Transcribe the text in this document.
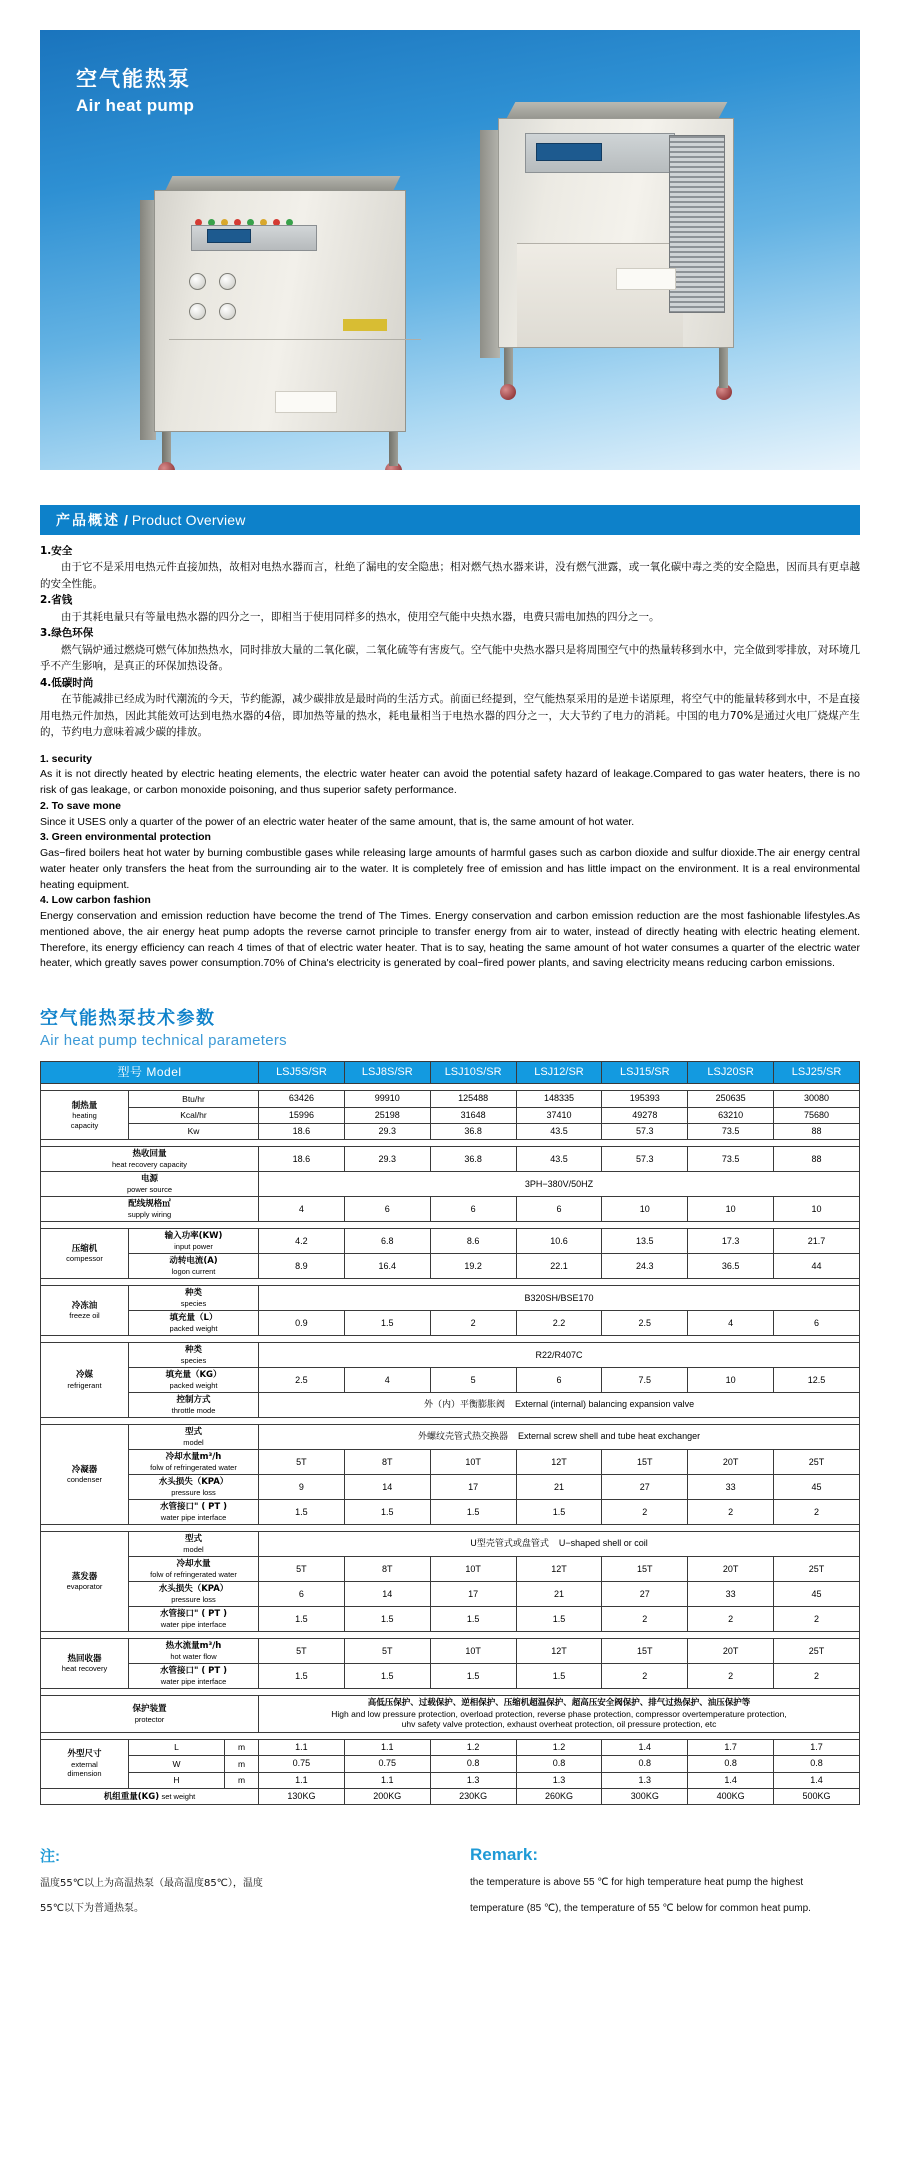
空气能热泵
Air heat pump
产品概述 / Product Overview
1.安全
由于它不是采用电热元件直接加热，故相对电热水器而言，杜绝了漏电的安全隐患；相对燃气热水器来讲，没有燃气泄露，或一氧化碳中毒之类的安全隐患，因而具有更卓越的安全性能。
2.省钱
由于其耗电量只有等量电热水器的四分之一，即相当于使用同样多的热水，使用空气能中央热水器，电费只需电加热的四分之一。
3.绿色环保
燃气锅炉通过燃烧可燃气体加热热水，同时排放大量的二氧化碳，二氧化硫等有害废气。空气能中央热水器只是将周围空气中的热量转移到水中，完全做到零排放，对环境几乎不产生影响，是真正的环保加热设备。
4.低碳时尚
在节能减排已经成为时代潮流的今天，节约能源，减少碳排放是最时尚的生活方式。前面已经提到，空气能热泵采用的是逆卡诺原理，将空气中的能量转移到水中，不是直接用电热元件加热，因此其能效可达到电热水器的4倍，即加热等量的热水，耗电量相当于电热水器的四分之一，大大节约了电力的消耗。中国的电力70%是通过火电厂烧煤产生的，节约电力意味着减少碳的排放。
1. security
As it is not directly heated by electric heating elements, the electric water heater can avoid the potential safety hazard of leakage.Compared to gas water heaters, there is no risk of gas leakage, or carbon monoxide poisoning, and thus superior safety performance.
2. To save mone
Since it USES only a quarter of the power of an electric water heater of the same amount, that is, the same amount of hot water.
3. Green environmental protection
Gas−fired boilers heat hot water by burning combustible gases while releasing large amounts of harmful gases such as carbon dioxide and sulfur dioxide.The air energy central water heater only transfers the heat from the surrounding air to the water. It is completely free of emission and has little impact on the environment. It is a real environmental heating equipment.
4. Low carbon fashion
Energy conservation and emission reduction have become the trend of The Times. Energy conservation and carbon emission reduction are the most fashionable lifestyles.As mentioned above, the air energy heat pump adopts the reverse carnot principle to transfer energy from air to water, instead of directly heating with electric heating element. Therefore, its energy efficiency can reach 4 times of that of electric water heater. That is to say, heating the same amount of hot water consumes a quarter of the electric water heater, which greatly saves power consumption.70% of China's electricity is generated by coal−fired power plants, and saving electricity means reducing carbon emissions.
空气能热泵技术参数
Air heat pump technical parameters
型号 Model			LSJ5S/SR	LSJ8S/SR	LSJ10S/SR	LSJ12/SR	LSJ15/SR	LSJ20SR	LSJ25/SR

制热量
heating
capacity	Btu/hr		63426	99910	125488	148335	195393	250635	30080
	Kcal/hr		15996	25198	31648	37410	49278	63210	75680
	Kw		18.6	29.3	36.8	43.5	57.3	73.5	88

热收回量
heat recovery capacity			18.6	29.3	36.8	43.5	57.3	73.5	88

电源
power source			3PH−380V/50HZ						

配线规格㎡
supply wiring			4	6	6	6	10	10	10

压缩机
compessor	输入功率(KW)
input power		4.2	6.8	8.6	10.6	13.5	17.3	21.7

	动转电流(A)
logon current		8.9	16.4	19.2	22.1	24.3	36.5	44

冷冻油
freeze oil	种类
species		B320SH/BSE170						

	填充量（L）
packed weight		0.9	1.5	2	2.2	2.5	4	6

冷媒
refrigerant	种类
species		R22/R407C						

	填充量（KG）
packed weight		2.5	4	5	6	7.5	10	12.5

	控制方式
throttle mode		外（内）平衡膨胀阀 External (internal) balancing expansion valve						

冷凝器
condenser	型式
model		外螺纹壳管式热交换器 External screw shell and tube heat exchanger						

	冷却水量m³/h
folw of refringerated water		5T	8T	10T	12T	15T	20T	25T

	水头损失（KPA）
pressure loss		9	14	17	21	27	33	45

	水管接口" ( PT )
water pipe interface		1.5	1.5	1.5	1.5	2	2	2

蒸发器
evaporator	型式
model		U型壳管式或盘管式 U−shaped shell or coil						

	冷却水量
folw of refringerated water		5T	8T	10T	12T	15T	20T	25T

	水头损失（KPA）
pressure loss		6	14	17	21	27	33	45

	水管接口" ( PT )
water pipe interface		1.5	1.5	1.5	1.5	2	2	2

热回收器
heat recovery	热水流量m³/h
hot water flow		5T	5T	10T	12T	15T	20T	25T

	水管接口" ( PT )
water pipe interface		1.5	1.5	1.5	1.5	2	2	2

保护装置
protector			高低压保护、过载保护、逆相保护、压缩机超温保护、超高压安全阀保护、排气过热保护、油压保护等
High and low pressure protection, overload protection, reverse phase protection, compressor overtemperature protection,
uhv safety valve protection, exhaust overheat protection, oil pressure protection, etc						

外型尺寸
external
dimension	L	m	1.1	1.1	1.2	1.2	1.4	1.7	1.7
	W	m	0.75	0.75	0.8	0.8	0.8	0.8	0.8
	H	m	1.1	1.1	1.3	1.3	1.3	1.4	1.4
机组重量(KG) set weight			130KG	200KG	230KG	260KG	300KG	400KG	500KG
注:

温度55℃以上为高温热泵（最高温度85℃），温度

55℃以下为普通热泵。

Remark:

the temperature is above 55 ℃ for high temperature heat pump the highest

temperature (85 ℃), the temperature of 55 ℃ below for common heat pump.
